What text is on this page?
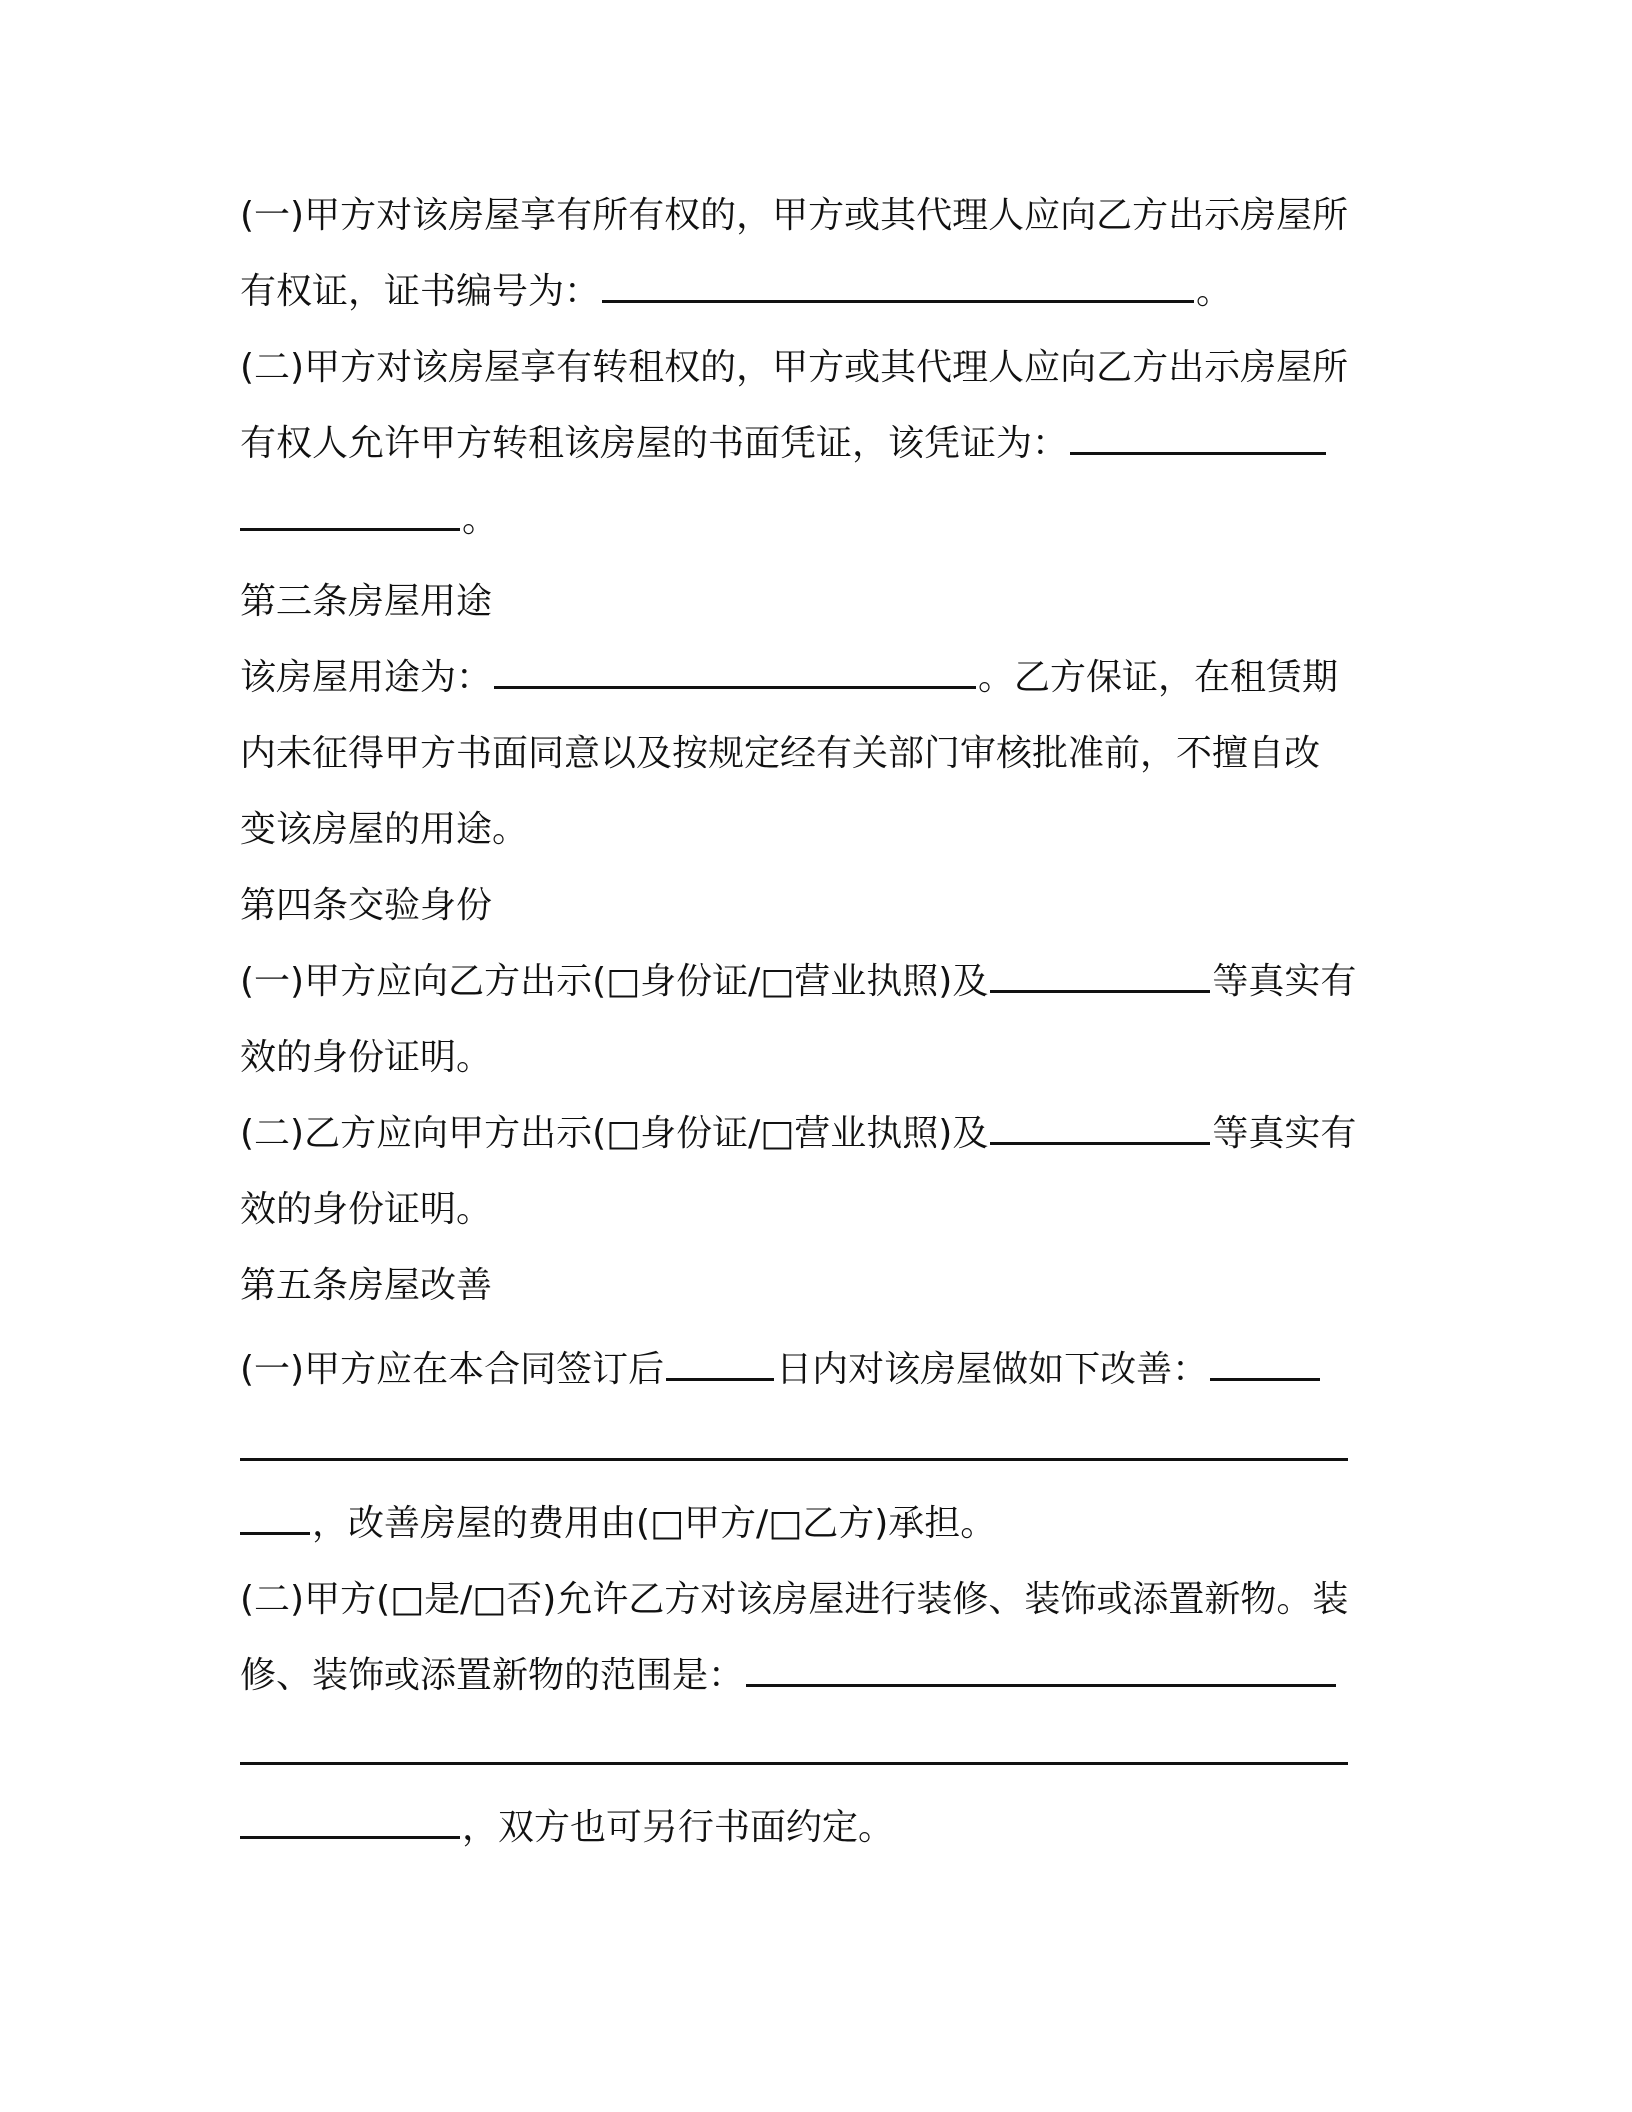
(一)甲方对该房屋享有所有权的，甲方或其代理人应向乙方出示房屋所
有权证，证书编号为：	。
(二)甲方对该房屋享有转租权的，甲方或其代理人应向乙方出示房屋所
有权人允许甲方转租该房屋的书面凭证，该凭证为：
。
第三条房屋用途
该房屋用途为：	。乙方保证，在租赁期
内未征得甲方书面同意以及按规定经有关部门审核批准前，不擅自改
变该房屋的用途。
第四条交验身份
(一)甲方应向乙方出示(□身份证/□营业执照)及	等真实有
效的身份证明。
(二)乙方应向甲方出示(□身份证/□营业执照)及	等真实有
效的身份证明。
第五条房屋改善
(一)甲方应在本合同签订后	日内对该房屋做如下改善：
，改善房屋的费用由(□甲方/□乙方)承担。
(二)甲方(□是/□否)允许乙方对该房屋进行装修、装饰或添置新物。装
修、装饰或添置新物的范围是：
，双方也可另行书面约定。
